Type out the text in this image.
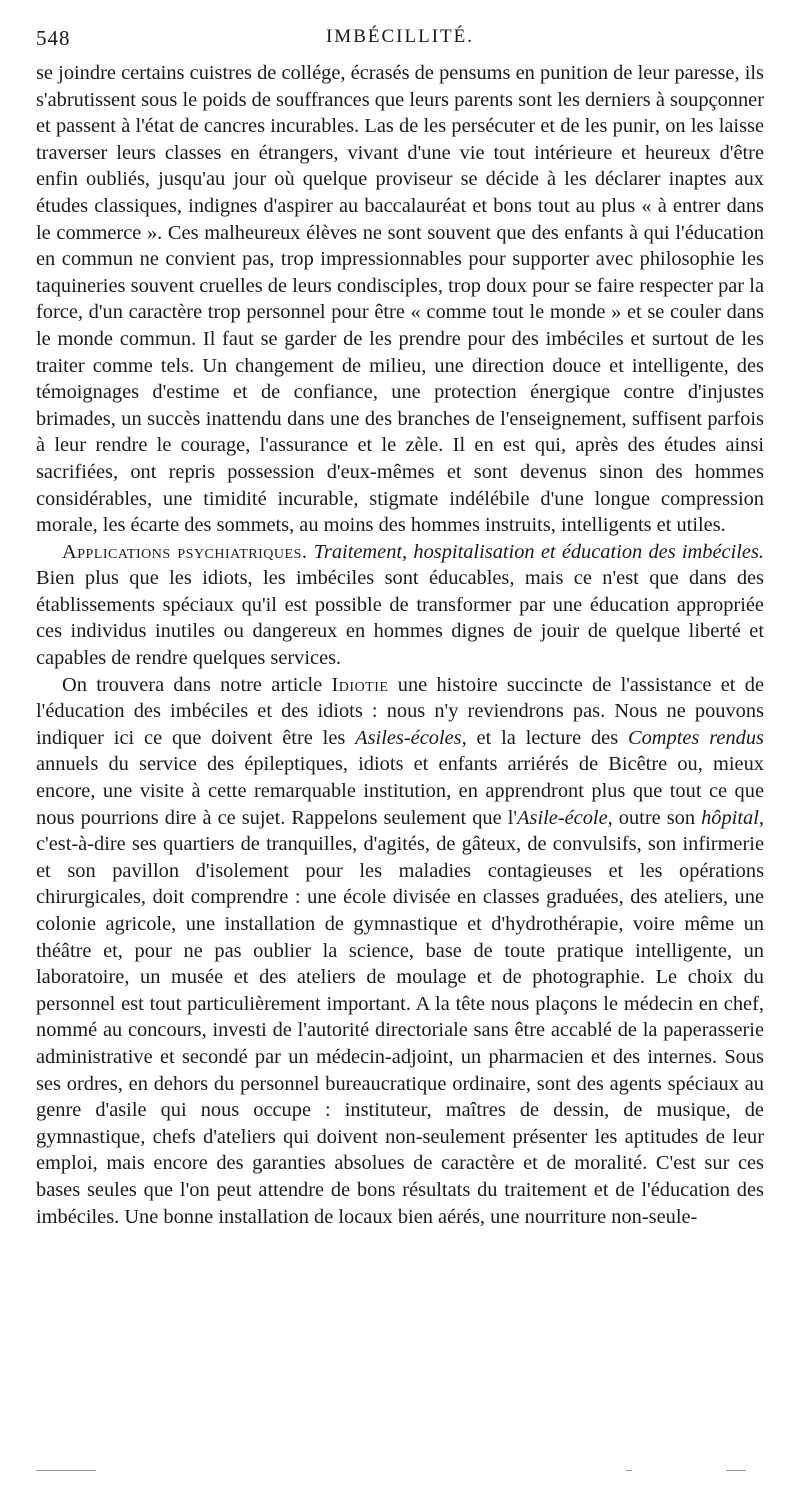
548	IMBÉCILLITÉ.

se joindre certains cuistres de collége, écrasés de pensums en punition de leur paresse, ils s'abrutissent sous le poids de souffrances que leurs parents sont les derniers à soupçonner et passent à l'état de cancres incurables. Las de les persécuter et de les punir, on les laisse traverser leurs classes en étrangers, vivant d'une vie tout intérieure et heureux d'être enfin oubliés, jusqu'au jour où quelque proviseur se décide à les déclarer inaptes aux études classiques, indignes d'aspirer au baccalauréat et bons tout au plus « à entrer dans le commerce ». Ces malheureux élèves ne sont souvent que des enfants à qui l'éducation en commun ne convient pas, trop impressionnables pour supporter avec philosophie les taquineries souvent cruelles de leurs condisciples, trop doux pour se faire respecter par la force, d'un caractère trop personnel pour être « comme tout le monde » et se couler dans le monde commun. Il faut se garder de les prendre pour des imbéciles et surtout de les traiter comme tels. Un changement de milieu, une direction douce et intelligente, des témoignages d'estime et de confiance, une protection énergique contre d'injustes brimades, un succès inattendu dans une des branches de l'enseignement, suffisent parfois à leur rendre le courage, l'assurance et le zèle. Il en est qui, après des études ainsi sacrifiées, ont repris possession d'eux-mêmes et sont devenus sinon des hommes considérables, une timidité incurable, stigmate indélébile d'une longue compression morale, les écarte des sommets, au moins des hommes instruits, intelligents et utiles.

Applications psychiatriques. Traitement, hospitalisation et éducation des imbéciles. Bien plus que les idiots, les imbéciles sont éducables, mais ce n'est que dans des établissements spéciaux qu'il est possible de transformer par une éducation appropriée ces individus inutiles ou dangereux en hommes dignes de jouir de quelque liberté et capables de rendre quelques services.

On trouvera dans notre article Idiotie une histoire succincte de l'assistance et de l'éducation des imbéciles et des idiots : nous n'y reviendrons pas. Nous ne pouvons indiquer ici ce que doivent être les Asiles-écoles, et la lecture des Comptes rendus annuels du service des épileptiques, idiots et enfants arriérés de Bicêtre ou, mieux encore, une visite à cette remarquable institution, en apprendront plus que tout ce que nous pourrions dire à ce sujet. Rappelons seulement que l'Asile-école, outre son hôpital, c'est-à-dire ses quartiers de tranquilles, d'agités, de gâteux, de convulsifs, son infirmerie et son pavillon d'isolement pour les maladies contagieuses et les opérations chirurgicales, doit comprendre : une école divisée en classes graduées, des ateliers, une colonie agricole, une installation de gymnastique et d'hydrothérapie, voire même un théâtre et, pour ne pas oublier la science, base de toute pratique intelligente, un laboratoire, un musée et des ateliers de moulage et de photographie. Le choix du personnel est tout particulièrement important. A la tête nous plaçons le médecin en chef, nommé au concours, investi de l'autorité directoriale sans être accablé de la paperasserie administrative et secondé par un médecin-adjoint, un pharmacien et des internes. Sous ses ordres, en dehors du personnel bureaucratique ordinaire, sont des agents spéciaux au genre d'asile qui nous occupe : instituteur, maîtres de dessin, de musique, de gymnastique, chefs d'ateliers qui doivent non-seulement présenter les aptitudes de leur emploi, mais encore des garanties absolues de caractère et de moralité. C'est sur ces bases seules que l'on peut attendre de bons résultats du traitement et de l'éducation des imbéciles. Une bonne installation de locaux bien aérés, une nourriture non-seule-
